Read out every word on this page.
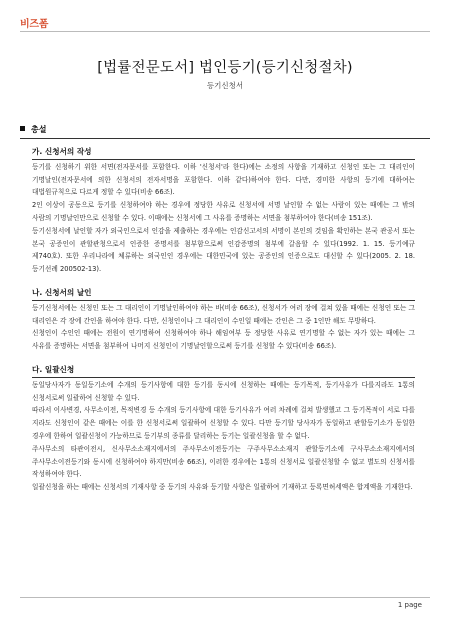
비즈폼
[법률전문도서] 법인등기(등기신청절차)
등기신청서
총설
가. 신청서의 작성

등기를 신청하기 위한 서면(전자문서를 포함한다. 이하 '신청서'라 한다)에는 소정의 사항을 기재하고 신청인 또는 그 대리인이 기명날인(전자문서에 의한 신청서의 전자서명을 포함한다. 이하 같다)하여야 한다. 다만, 경미한 사항의 등기에 대하여는 대법원규칙으로 다르게 정할 수 있다(비송 66조).

2인 이상이 공동으로 등기를 신청하여야 하는 경우에 정당한 사유로 신청서에 서명 날인할 수 없는 사람이 있는 때에는 그 밖의 사람의 기명날인만으로 신청할 수 있다. 이때에는 신청서에 그 사유를 증명하는 서면을 첨부하여야 한다(비송 151조).

등기신청서에 날인할 자가 외국인으로서 인감을 제출하는 경우에는 인감신고서의 서명이 본인의 것임을 확인하는 본국 관공서 또는 본국 공증인이 관할관청으로서 인증한 증명서를 첨부함으로써 인감증명의 첨부에 갈음할 수 있다(1992. 1. 15. 등기예규 제740호). 또한 우리나라에 체류하는 외국인인 경우에는 대한민국에 있는 공증인의 인증으로도 대신할 수 있다(2005. 2. 18. 등기선례 200502-13).

나. 신청서의 날인

등기신청서에는 신청인 또는 그 대리인이 기명날인하여야 하는 바(비송 66조), 신청서가 여러 장에 걸쳐 있을 때에는 신청인 또는 그 대리인은 각 장에 간인을 하여야 한다. 다만, 신청인이나 그 대리인이 수인일 때에는 간인은 그 중 1인만 해도 무방하다.

신청인이 수인인 때에는 전원이 연기명하여 신청하여야 하나 해임여부 등 정당한 사유로 연기명할 수 없는 자가 있는 때에는 그 사유를 증명하는 서면을 첨부하여 나머지 신청인이 기명날인할으로써 등기를 신청할 수 있다(비송 66조).

다. 일괄신청

동일당사자가 동일등기소에 수개의 등기사항에 대한 등기를 동시에 신청하는 때에는 등기목적, 등기사유가 다를지라도 1통의 신청서로써 일괄하여 신청할 수 있다.

따라서 이사변경, 사무소이전, 목적변경 등 수개의 등기사항에 대한 등기사유가 여러 차례에 걸쳐 발생했고 그 등기목적이 서로 다를 지라도 신청인이 같은 때에는 이를 한 신청서로써 일괄하여 신청할 수 있다. 다만 등기할 당사자가 동일하고 관할등기소가 동일한 경우에 한하여 일괄신청이 가능하므로 등기부의 종류를 달리하는 등기는 일괄신청을 할 수 없다.

주사무소의 타관이전시, 신사무소소재지에서의 주사무소이전등기는 구주사무소소재지 관할등기소에 구사무소소재지에서의 주사무소이전등기와 동시에 신청하여야 하지만(비송 66조), 이러한 경우에는 1통의 신청서로 일괄신청할 수 없고 별도의 신청서를 작성하여야 한다.

일괄신청을 하는 때에는 신청서의 기재사항 중 등기의 사유와 등기할 사항은 일괄하여 기재하고 등록면허세액은 합계액을 기재한다.

1 page
